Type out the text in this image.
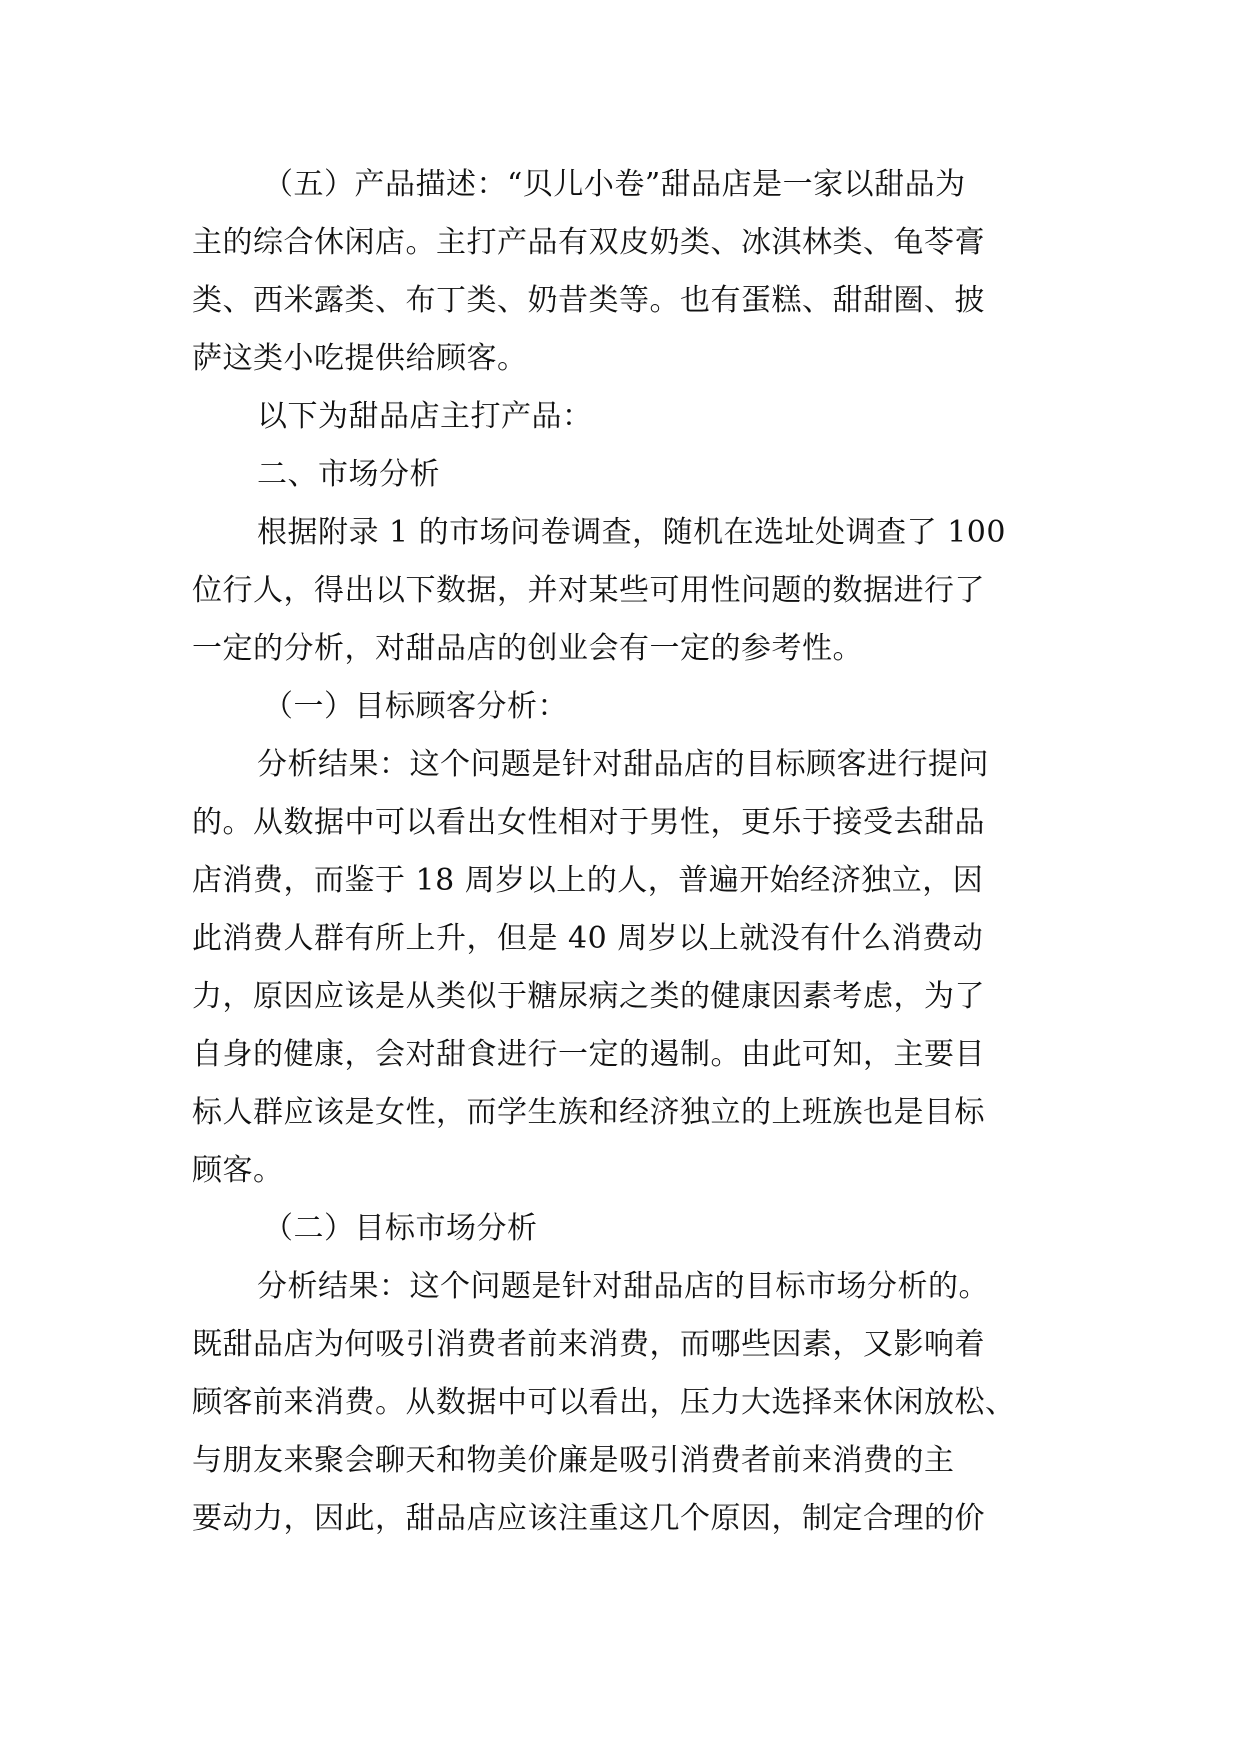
（五）产品描述：“贝儿小卷”甜品店是一家以甜品为
主的综合休闲店。主打产品有双皮奶类、冰淇林类、龟苓膏
类、西米露类、布丁类、奶昔类等。也有蛋糕、甜甜圈、披
萨这类小吃提供给顾客。
以下为甜品店主打产品：
二、市场分析
根据附录 1 的市场问卷调查，随机在选址处调查了 100
位行人，得出以下数据，并对某些可用性问题的数据进行了
一定的分析，对甜品店的创业会有一定的参考性。
（一）目标顾客分析：
分析结果：这个问题是针对甜品店的目标顾客进行提问
的。从数据中可以看出女性相对于男性，更乐于接受去甜品
店消费，而鉴于 18 周岁以上的人，普遍开始经济独立，因
此消费人群有所上升，但是 40 周岁以上就没有什么消费动
力，原因应该是从类似于糖尿病之类的健康因素考虑，为了
自身的健康，会对甜食进行一定的遏制。由此可知，主要目
标人群应该是女性，而学生族和经济独立的上班族也是目标
顾客。
（二）目标市场分析
分析结果：这个问题是针对甜品店的目标市场分析的。
既甜品店为何吸引消费者前来消费，而哪些因素，又影响着
顾客前来消费。从数据中可以看出，压力大选择来休闲放松、
与朋友来聚会聊天和物美价廉是吸引消费者前来消费的主
要动力，因此，甜品店应该注重这几个原因，制定合理的价
